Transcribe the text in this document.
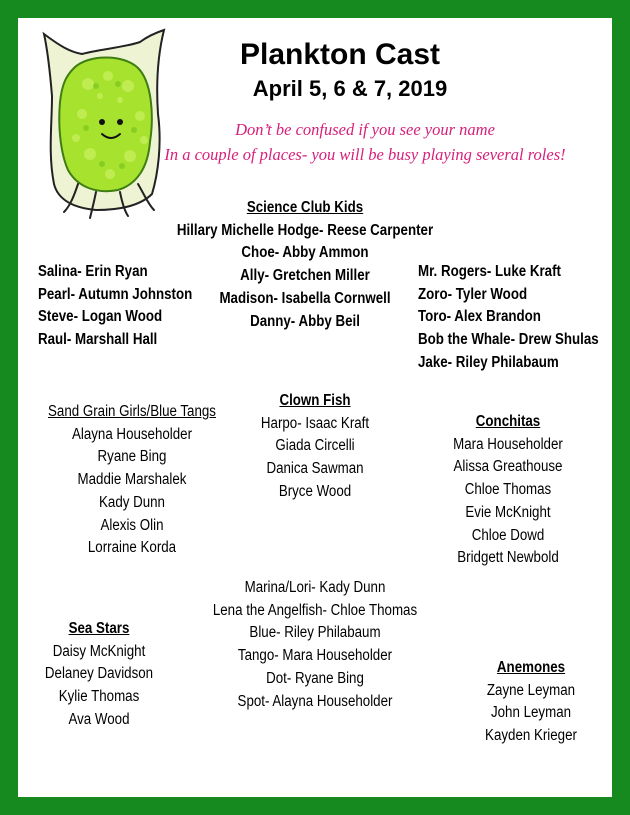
Plankton Cast
April 5, 6 & 7, 2019
Don’t be confused if you see your name
In a couple of places- you will be busy playing several roles!
Science Club Kids
Hillary Michelle Hodge- Reese Carpenter
Choe- Abby Ammon
Ally- Gretchen Miller
Madison- Isabella Cornwell
Danny- Abby Beil
Salina- Erin Ryan
Pearl- Autumn Johnston
Steve- Logan Wood
Raul- Marshall Hall
Mr. Rogers- Luke Kraft
Zoro- Tyler Wood
Toro- Alex Brandon
Bob the Whale- Drew Shulas
Jake- Riley Philabaum
Sand Grain Girls/Blue Tangs
Alayna Householder
Ryane Bing
Maddie Marshalek
Kady Dunn
Alexis Olin
Lorraine Korda
Clown Fish
Harpo- Isaac Kraft
Giada Circelli
Danica Sawman
Bryce Wood
Conchitas
Mara Householder
Alissa Greathouse
Chloe Thomas
Evie McKnight
Chloe Dowd
Bridgett Newbold
Marina/Lori- Kady Dunn
Lena the Angelfish- Chloe Thomas
Blue- Riley Philabaum
Tango- Mara Householder
Dot- Ryane Bing
Spot- Alayna Householder
Sea Stars
Daisy McKnight
Delaney Davidson
Kylie Thomas
Ava Wood
Anemones
Zayne Leyman
John Leyman
Kayden Krieger
